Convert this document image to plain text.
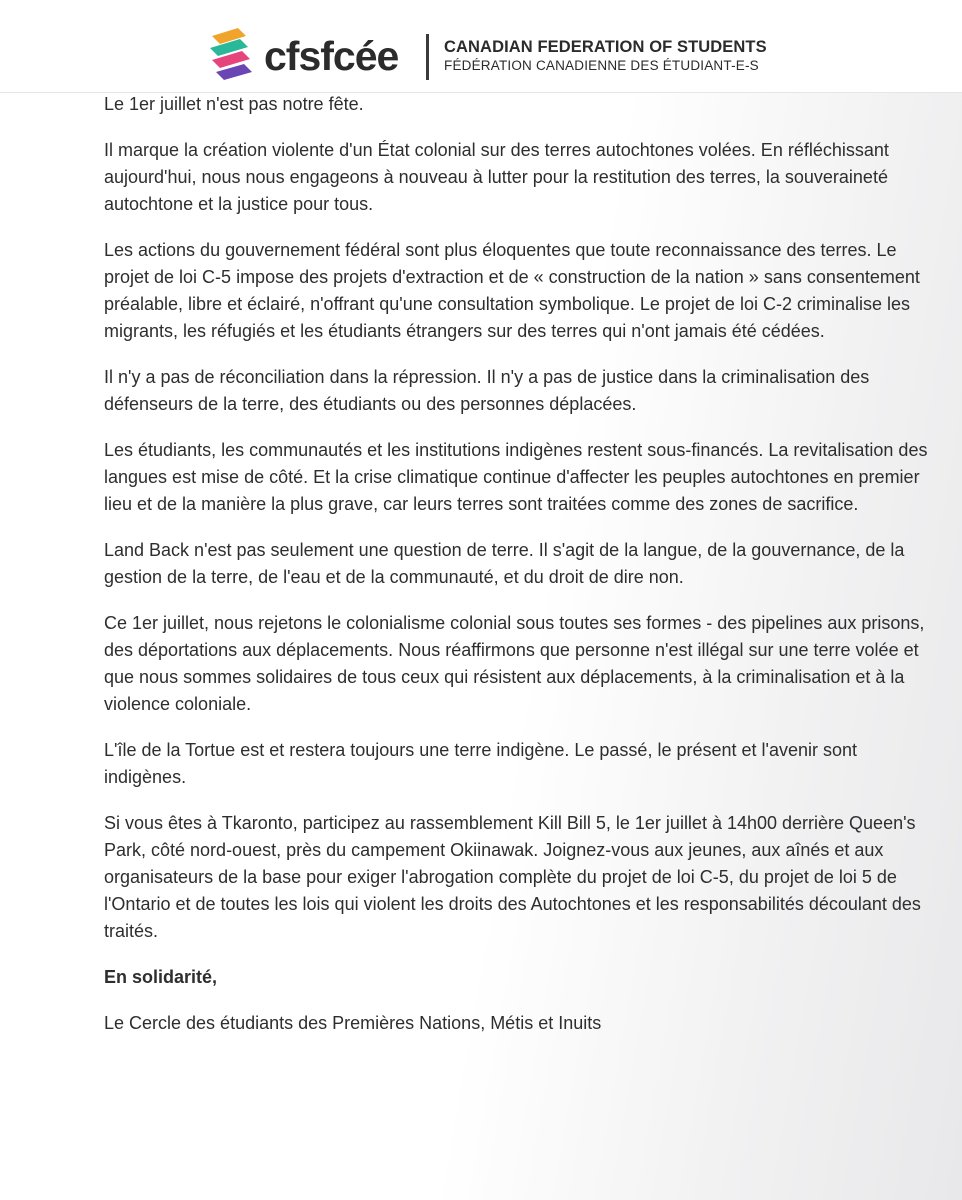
cfsfcée	CANADIAN FEDERATION OF STUDENTS
FÉDÉRATION CANADIENNE DES ÉTUDIANT-E-S

Le 1er juillet n'est pas notre fête.

Il marque la création violente d'un État colonial sur des terres autochtones volées. En réfléchissant aujourd'hui, nous nous engageons à nouveau à lutter pour la restitution des terres, la souveraineté autochtone et la justice pour tous.

Les actions du gouvernement fédéral sont plus éloquentes que toute reconnaissance des terres. Le projet de loi C-5 impose des projets d'extraction et de « construction de la nation » sans consentement préalable, libre et éclairé, n'offrant qu'une consultation symbolique. Le projet de loi C-2 criminalise les migrants, les réfugiés et les étudiants étrangers sur des terres qui n'ont jamais été cédées.

Il n'y a pas de réconciliation dans la répression. Il n'y a pas de justice dans la criminalisation des défenseurs de la terre, des étudiants ou des personnes déplacées.

Les étudiants, les communautés et les institutions indigènes restent sous-financés. La revitalisation des langues est mise de côté. Et la crise climatique continue d'affecter les peuples autochtones en premier lieu et de la manière la plus grave, car leurs terres sont traitées comme des zones de sacrifice.

Land Back n'est pas seulement une question de terre. Il s'agit de la langue, de la gouvernance, de la gestion de la terre, de l'eau et de la communauté, et du droit de dire non.

Ce 1er juillet, nous rejetons le colonialisme colonial sous toutes ses formes - des pipelines aux prisons, des déportations aux déplacements. Nous réaffirmons que personne n'est illégal sur une terre volée et que nous sommes solidaires de tous ceux qui résistent aux déplacements, à la criminalisation et à la violence coloniale.

L'île de la Tortue est et restera toujours une terre indigène. Le passé, le présent et l'avenir sont indigènes.

Si vous êtes à Tkaronto, participez au rassemblement Kill Bill 5, le 1er juillet à 14h00 derrière Queen's Park, côté nord-ouest, près du campement Okiinawak. Joignez-vous aux jeunes, aux aînés et aux organisateurs de la base pour exiger l'abrogation complète du projet de loi C-5, du projet de loi 5 de l'Ontario et de toutes les lois qui violent les droits des Autochtones et les responsabilités découlant des traités.

En solidarité,

Le Cercle des étudiants des Premières Nations, Métis et Inuits
